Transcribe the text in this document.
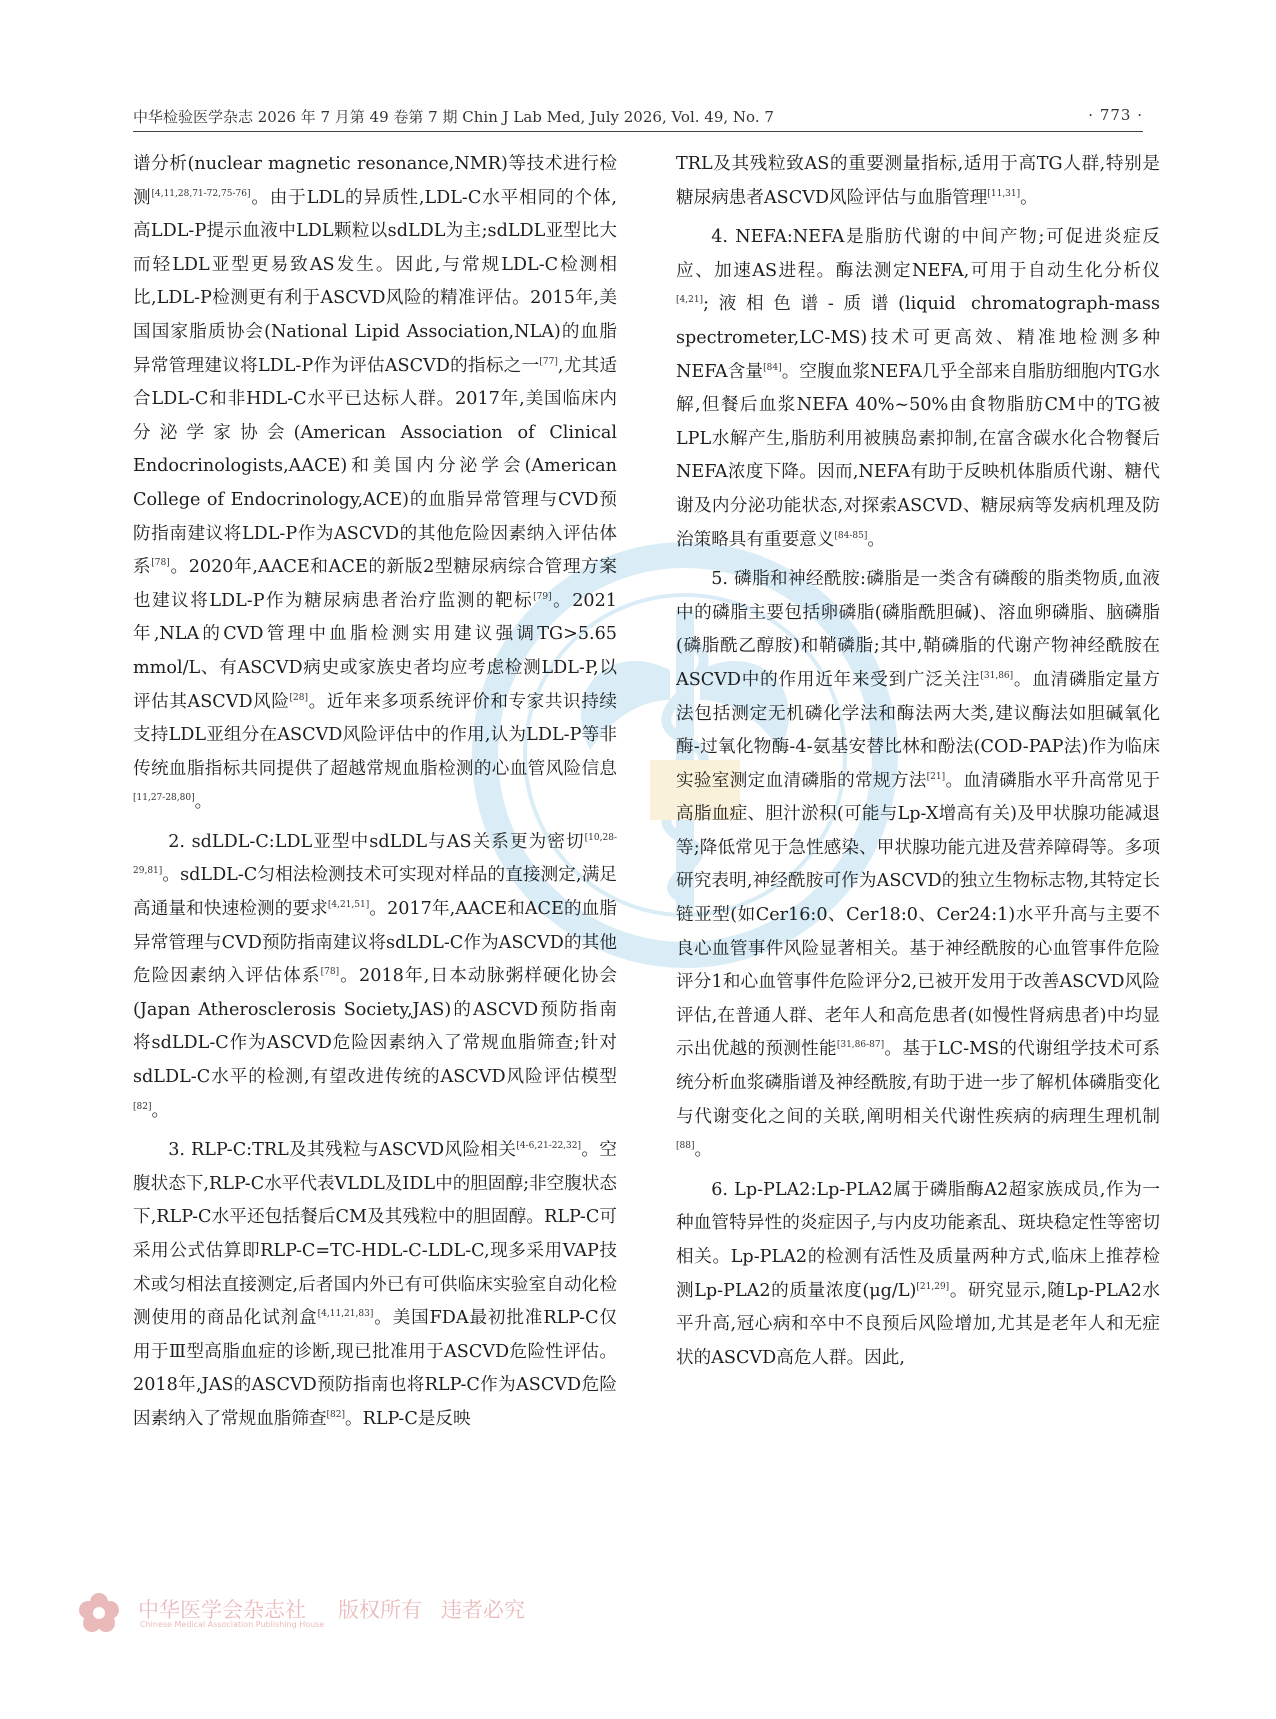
中华检验医学杂志 2026 年 7 月第 49 卷第 7 期 Chin J Lab Med, July 2026, Vol. 49, No. 7	· 773 ·

谱分析(nuclear magnetic resonance,NMR)等技术进行检测[4,11,28,71-72,75-76]。由于LDL的异质性,LDL-C水平相同的个体,高LDL-P提示血液中LDL颗粒以sdLDL为主;sdLDL亚型比大而轻LDL亚型更易致AS发生。因此,与常规LDL-C检测相比,LDL-P检测更有利于ASCVD风险的精准评估。2015年,美国国家脂质协会(National Lipid Association,NLA)的血脂异常管理建议将LDL-P作为评估ASCVD的指标之一[77],尤其适合LDL-C和非HDL-C水平已达标人群。2017年,美国临床内分泌学家协会(American Association of Clinical Endocrinologists,AACE)和美国内分泌学会(American College of Endocrinology,ACE)的血脂异常管理与CVD预防指南建议将LDL-P作为ASCVD的其他危险因素纳入评估体系[78]。2020年,AACE和ACE的新版2型糖尿病综合管理方案也建议将LDL-P作为糖尿病患者治疗监测的靶标[79]。2021年,NLA的CVD管理中血脂检测实用建议强调TG>5.65 mmol/L、有ASCVD病史或家族史者均应考虑检测LDL-P,以评估其ASCVD风险[28]。近年来多项系统评价和专家共识持续支持LDL亚组分在ASCVD风险评估中的作用,认为LDL-P等非传统血脂指标共同提供了超越常规血脂检测的心血管风险信息[11,27-28,80]。

2. sdLDL-C:LDL亚型中sdLDL与AS关系更为密切[10,28-29,81]。sdLDL-C匀相法检测技术可实现对样品的直接测定,满足高通量和快速检测的要求[4,21,51]。2017年,AACE和ACE的血脂异常管理与CVD预防指南建议将sdLDL-C作为ASCVD的其他危险因素纳入评估体系[78]。2018年,日本动脉粥样硬化协会(Japan Atherosclerosis Society,JAS)的ASCVD预防指南将sdLDL-C作为ASCVD危险因素纳入了常规血脂筛查;针对sdLDL-C水平的检测,有望改进传统的ASCVD风险评估模型[82]。

3. RLP-C:TRL及其残粒与ASCVD风险相关[4-6,21-22,32]。空腹状态下,RLP-C水平代表VLDL及IDL中的胆固醇;非空腹状态下,RLP-C水平还包括餐后CM及其残粒中的胆固醇。RLP-C可采用公式估算即RLP-C=TC-HDL-C-LDL-C,现多采用VAP技术或匀相法直接测定,后者国内外已有可供临床实验室自动化检测使用的商品化试剂盒[4,11,21,83]。美国FDA最初批准RLP-C仅用于Ⅲ型高脂血症的诊断,现已批准用于ASCVD危险性评估。2018年,JAS的ASCVD预防指南也将RLP-C作为ASCVD危险因素纳入了常规血脂筛查[82]。RLP-C是反映

TRL及其残粒致AS的重要测量指标,适用于高TG人群,特别是糖尿病患者ASCVD风险评估与血脂管理[11,31]。

4. NEFA:NEFA是脂肪代谢的中间产物;可促进炎症反应、加速AS进程。酶法测定NEFA,可用于自动生化分析仪[4,21];液相色谱-质谱(liquid chromatograph-mass spectrometer,LC-MS)技术可更高效、精准地检测多种NEFA含量[84]。空腹血浆NEFA几乎全部来自脂肪细胞内TG水解,但餐后血浆NEFA 40%~50%由食物脂肪CM中的TG被LPL水解产生,脂肪利用被胰岛素抑制,在富含碳水化合物餐后NEFA浓度下降。因而,NEFA有助于反映机体脂质代谢、糖代谢及内分泌功能状态,对探索ASCVD、糖尿病等发病机理及防治策略具有重要意义[84-85]。

5. 磷脂和神经酰胺:磷脂是一类含有磷酸的脂类物质,血液中的磷脂主要包括卵磷脂(磷脂酰胆碱)、溶血卵磷脂、脑磷脂(磷脂酰乙醇胺)和鞘磷脂;其中,鞘磷脂的代谢产物神经酰胺在ASCVD中的作用近年来受到广泛关注[31,86]。血清磷脂定量方法包括测定无机磷化学法和酶法两大类,建议酶法如胆碱氧化酶-过氧化物酶-4-氨基安替比林和酚法(COD-PAP法)作为临床实验室测定血清磷脂的常规方法[21]。血清磷脂水平升高常见于高脂血症、胆汁淤积(可能与Lp-X增高有关)及甲状腺功能减退等;降低常见于急性感染、甲状腺功能亢进及营养障碍等。多项研究表明,神经酰胺可作为ASCVD的独立生物标志物,其特定长链亚型(如Cer16:0、Cer18:0、Cer24:1)水平升高与主要不良心血管事件风险显著相关。基于神经酰胺的心血管事件危险评分1和心血管事件危险评分2,已被开发用于改善ASCVD风险评估,在普通人群、老年人和高危患者(如慢性肾病患者)中均显示出优越的预测性能[31,86-87]。基于LC-MS的代谢组学技术可系统分析血浆磷脂谱及神经酰胺,有助于进一步了解机体磷脂变化与代谢变化之间的关联,阐明相关代谢性疾病的病理生理机制[88]。

6. Lp-PLA2:Lp-PLA2属于磷脂酶A2超家族成员,作为一种血管特异性的炎症因子,与内皮功能紊乱、斑块稳定性等密切相关。Lp-PLA2的检测有活性及质量两种方式,临床上推荐检测Lp-PLA2的质量浓度(μg/L)[21,29]。研究显示,随Lp-PLA2水平升高,冠心病和卒中不良预后风险增加,尤其是老年人和无症状的ASCVD高危人群。因此,

中华医学会杂志社 版权所有 违者必究
Chinese Medical Association Publishing House
